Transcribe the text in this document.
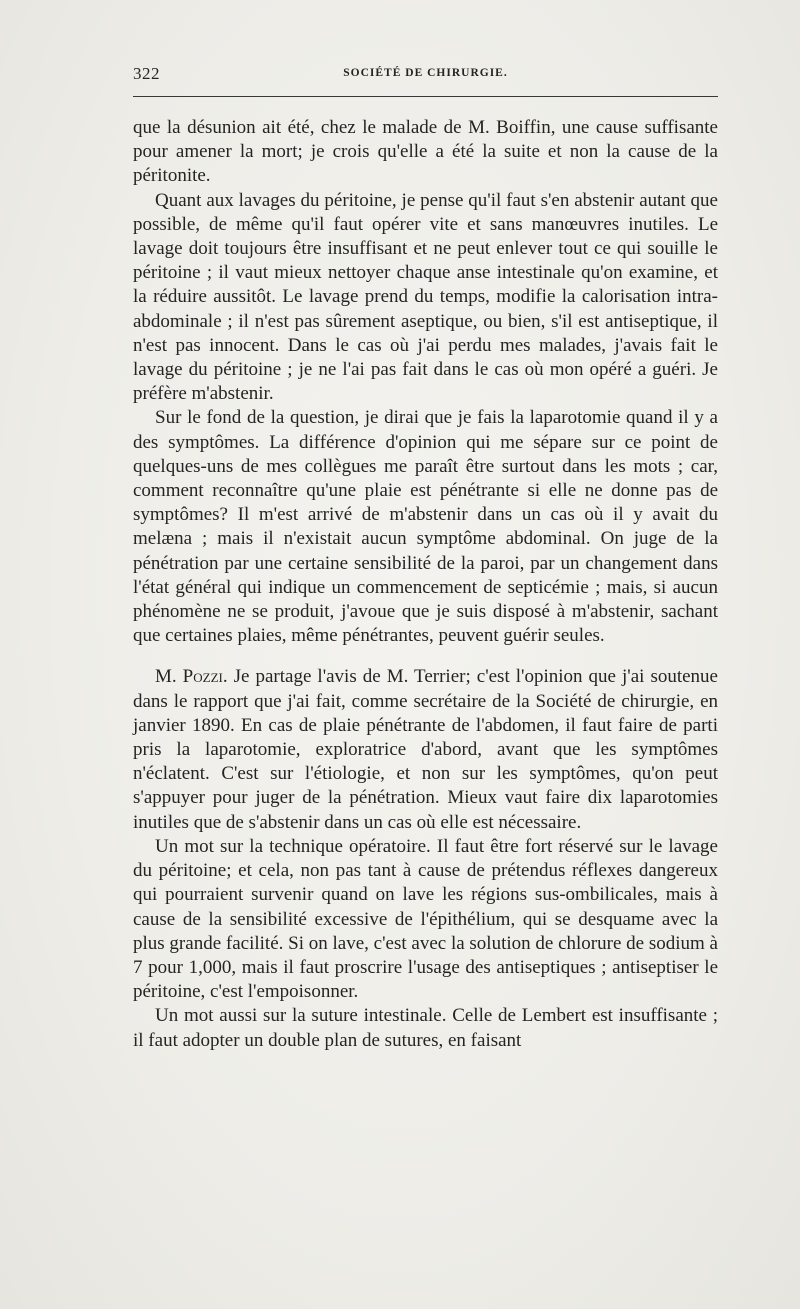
322	SOCIÉTÉ DE CHIRURGIE.

que la désunion ait été, chez le malade de M. Boiffin, une cause suffisante pour amener la mort; je crois qu'elle a été la suite et non la cause de la péritonite.

Quant aux lavages du péritoine, je pense qu'il faut s'en abstenir autant que possible, de même qu'il faut opérer vite et sans manœuvres inutiles. Le lavage doit toujours être insuffisant et ne peut enlever tout ce qui souille le péritoine ; il vaut mieux nettoyer chaque anse intestinale qu'on examine, et la réduire aussitôt. Le lavage prend du temps, modifie la calorisation intra-abdominale ; il n'est pas sûrement aseptique, ou bien, s'il est antiseptique, il n'est pas innocent. Dans le cas où j'ai perdu mes malades, j'avais fait le lavage du péritoine ; je ne l'ai pas fait dans le cas où mon opéré a guéri. Je préfère m'abstenir.

Sur le fond de la question, je dirai que je fais la laparotomie quand il y a des symptômes. La différence d'opinion qui me sépare sur ce point de quelques-uns de mes collègues me paraît être surtout dans les mots ; car, comment reconnaître qu'une plaie est pénétrante si elle ne donne pas de symptômes? Il m'est arrivé de m'abstenir dans un cas où il y avait du melæna ; mais il n'existait aucun symptôme abdominal. On juge de la pénétration par une certaine sensibilité de la paroi, par un changement dans l'état général qui indique un commencement de septicémie ; mais, si aucun phénomène ne se produit, j'avoue que je suis disposé à m'abstenir, sachant que certaines plaies, même pénétrantes, peuvent guérir seules.

M. Pozzi. Je partage l'avis de M. Terrier; c'est l'opinion que j'ai soutenue dans le rapport que j'ai fait, comme secrétaire de la Société de chirurgie, en janvier 1890. En cas de plaie pénétrante de l'abdomen, il faut faire de parti pris la laparotomie, exploratrice d'abord, avant que les symptômes n'éclatent. C'est sur l'étiologie, et non sur les symptômes, qu'on peut s'appuyer pour juger de la pénétration. Mieux vaut faire dix laparotomies inutiles que de s'abstenir dans un cas où elle est nécessaire.

Un mot sur la technique opératoire. Il faut être fort réservé sur le lavage du péritoine; et cela, non pas tant à cause de prétendus réflexes dangereux qui pourraient survenir quand on lave les régions sus-ombilicales, mais à cause de la sensibilité excessive de l'épithélium, qui se desquame avec la plus grande facilité. Si on lave, c'est avec la solution de chlorure de sodium à 7 pour 1,000, mais il faut proscrire l'usage des antiseptiques ; antiseptiser le péritoine, c'est l'empoisonner.

Un mot aussi sur la suture intestinale. Celle de Lembert est insuffisante ; il faut adopter un double plan de sutures, en faisant
